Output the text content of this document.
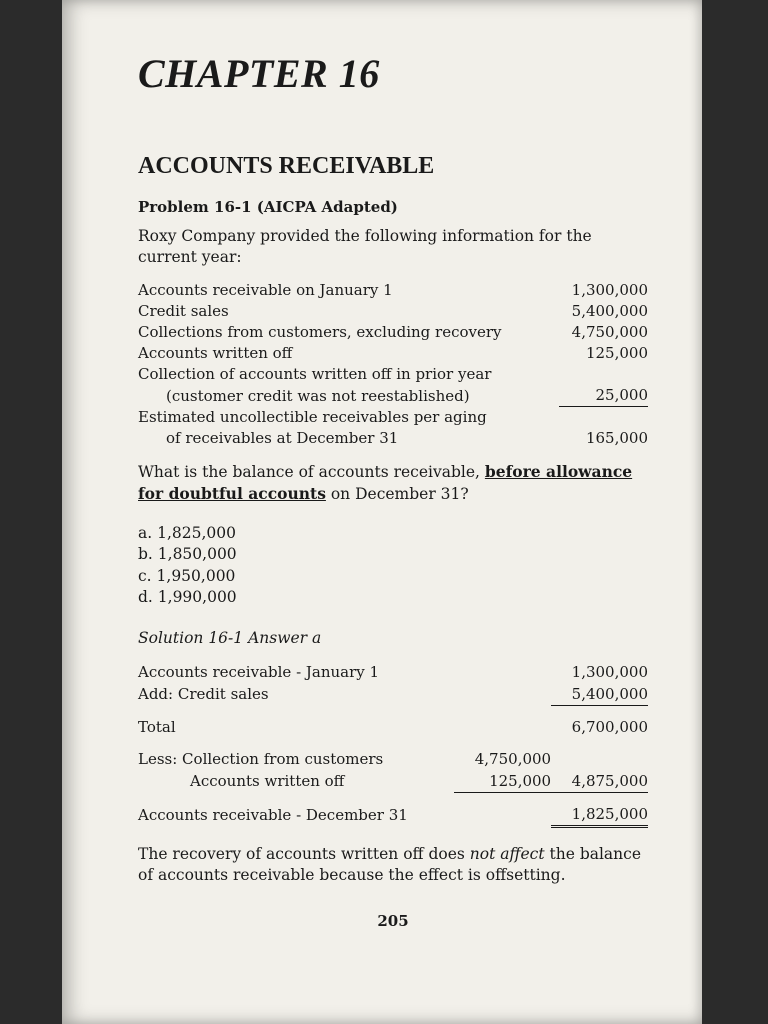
CHAPTER 16
ACCOUNTS RECEIVABLE
Problem 16-1 (AICPA Adapted)

Roxy Company provided the following information for the current year:

Accounts receivable on January 1	1,300,000
Credit sales	5,400,000
Collections from customers, excluding recovery	4,750,000
Accounts written off	125,000
Collection of accounts written off in prior year	
(customer credit was not reestablished)	25,000
Estimated uncollectible receivables per aging	
of receivables at December 31	165,000

What is the balance of accounts receivable, before allowance for doubtful accounts on December 31?

a. 1,825,000
b. 1,850,000
c. 1,950,000
d. 1,990,000
Solution 16-1 Answer a
Accounts receivable - January 1		1,300,000
Add: Credit sales		5,400,000

Total		6,700,000

Less: Collection from customers	4,750,000	
Accounts written off	125,000	4,875,000

Accounts receivable - December 31		1,825,000

The recovery of accounts written off does not affect the balance of accounts receivable because the effect is offsetting.

205
